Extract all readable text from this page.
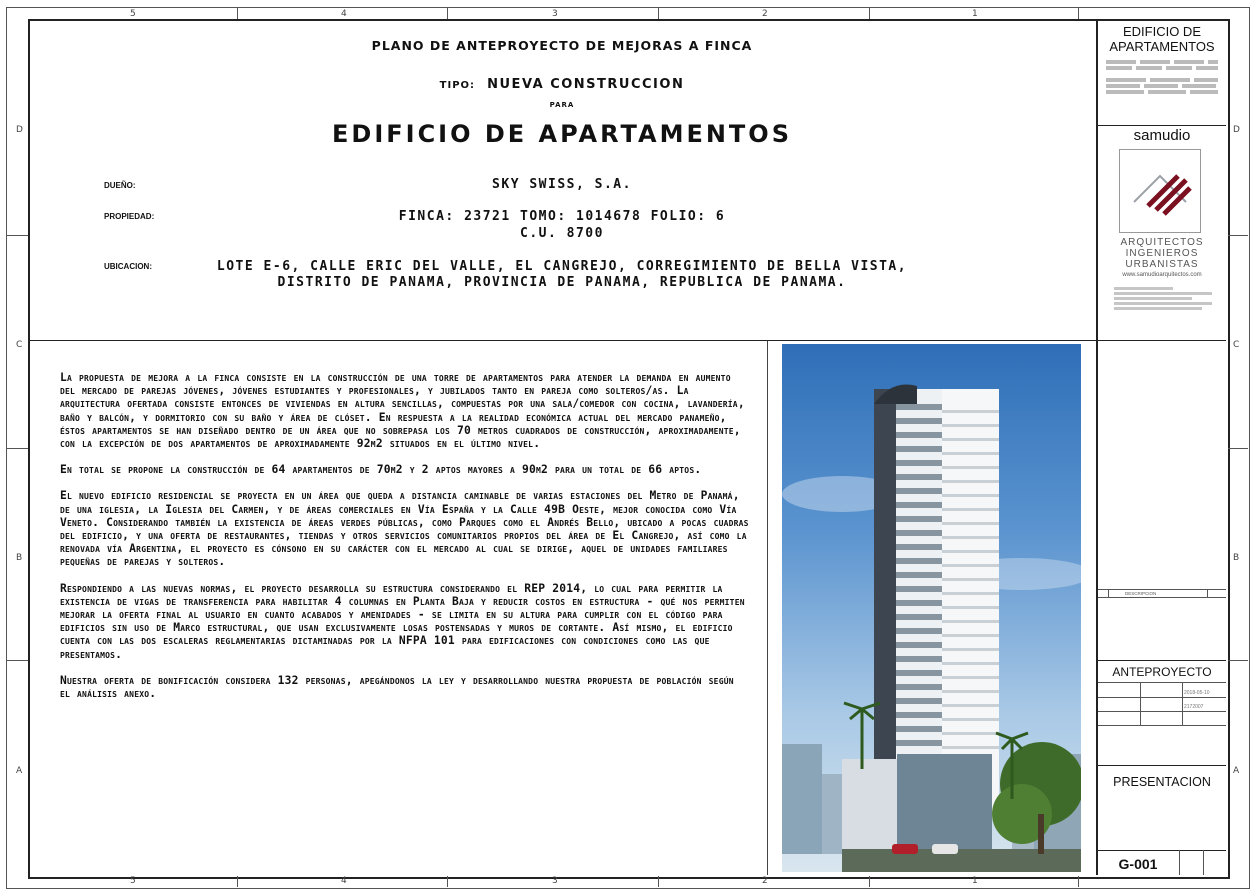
5	4	3	2	1
5	4	3	2	1
D
C
B
A
D
C
B
A
PLANO DE ANTEPROYECTO DE MEJORAS A FINCA
TIPO: NUEVA CONSTRUCCION
PARA
EDIFICIO DE APARTAMENTOS
DUEÑO:	SKY SWISS, S.A.
PROPIEDAD:	FINCA: 23721 TOMO: 1014678 FOLIO: 6
C.U. 8700
UBICACION:	LOTE E-6, CALLE ERIC DEL VALLE, EL CANGREJO, CORREGIMIENTO DE BELLA VISTA,
DISTRITO DE PANAMA, PROVINCIA DE PANAMA, REPUBLICA DE PANAMA.

La propuesta de mejora a la finca consiste en la construcción de una torre de apartamentos para atender la demanda en aumento del mercado de parejas jóvenes, jóvenes estudiantes y profesionales, y jubilados tanto en pareja como solteros/as. La arquitectura ofertada consiste entonces de viviendas en altura sencillas, compuestas por una sala/comedor con cocina, lavandería, baño y balcón, y dormitorio con su baño y área de clóset. En respuesta a la realidad económica actual del mercado panameño, éstos apartamentos se han diseñado dentro de un área que no sobrepasa los 70 metros cuadrados de construcción, aproximadamente, con la excepción de dos apartamentos de aproximadamente 92m2 situados en el último nivel.

En total se propone la construcción de 64 apartamentos de 70m2 y 2 aptos mayores a 90m2 para un total de 66 aptos.

El nuevo edificio residencial se proyecta en un área que queda a distancia caminable de varias estaciones del Metro de Panamá, de una iglesia, la Iglesia del Carmen, y de áreas comerciales en Vía España y la Calle 49B Oeste, mejor conocida como Vía Veneto. Considerando también la existencia de áreas verdes públicas, como Parques como el Andrés Bello, ubicado a pocas cuadras del edificio, y una oferta de restaurantes, tiendas y otros servicios comunitarios propios del área de El Cangrejo, así como la renovada vía Argentina, el proyecto es cónsono en su carácter con el mercado al cual se dirige, aquel de unidades familiares pequeñas de parejas y solteros.

Respondiendo a las nuevas normas, el proyecto desarrolla su estructura considerando el REP 2014, lo cual para permitir la existencia de vigas de transferencia para habilitar 4 columnas en Planta Baja y reducir costos en estructura - qué nos permiten mejorar la oferta final al usuario en cuanto acabados y amenidades - se limita en su altura para cumplir con el código para edificios sin uso de Marco estructural, que usan exclusivamente losas postensadas y muros de cortante. Así mismo, el edificio cuenta con las dos escaleras reglamentarias dictaminadas por la NFPA 101 para edificaciones con condiciones como las que presentamos.

Nuestra oferta de bonificación considera 132 personas, apegándonos la ley y desarrollando nuestra propuesta de población según el análisis anexo.

EDIFICIO DE
APARTAMENTOS
samudio
ARQUITECTOS
INGENIEROS
URBANISTAS
www.samudioarquitectos.com
DESCRIPCION
ANTEPROYECTO
2018-05-10
2172007
PRESENTACION
G-001
